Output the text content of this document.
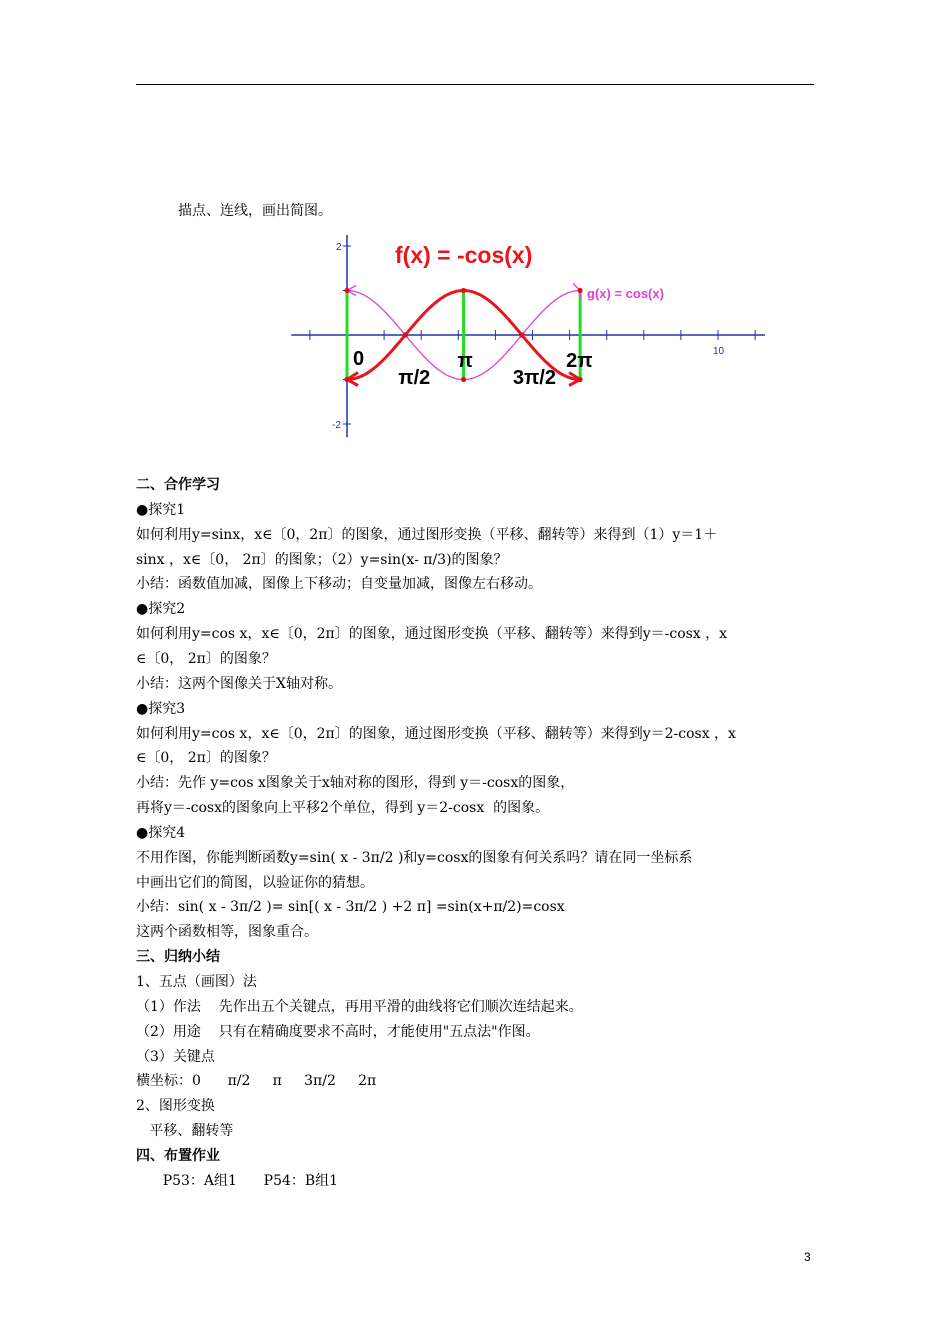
描点、连线，画出简图。
10
2
-2
f(x) = -cos(x)
g(x) = cos(x)
0
π/2
π
3π/2
2π
二、合作学习
●探究1
如何利用y=sinx，x∈〔0，2π〕的图象，通过图形变换（平移、翻转等）来得到（1）y＝1＋
sinx ，x∈〔0， 2π〕的图象；（2）y=sin(x- π/3)的图象？
小结：函数值加减，图像上下移动；自变量加减，图像左右移动。
●探究2
如何利用y=cos x，x∈〔0，2π〕的图象，通过图形变换（平移、翻转等）来得到y＝-cosx ，x
∈〔0， 2π〕的图象？
小结：这两个图像关于X轴对称。
●探究3
如何利用y=cos x，x∈〔0，2π〕的图象，通过图形变换（平移、翻转等）来得到y＝2-cosx ，x
∈〔0， 2π〕的图象？
小结：先作 y=cos x图象关于x轴对称的图形，得到 y＝-cosx的图象，
再将y＝-cosx的图象向上平移2个单位，得到 y＝2-cosx  的图象。
●探究4
不用作图，你能判断函数y=sin( x - 3π/2 )和y=cosx的图象有何关系吗？请在同一坐标系
中画出它们的简图，以验证你的猜想。
小结：sin( x - 3π/2 )= sin[( x - 3π/2 ) +2 π] =sin(x+π/2)=cosx
这两个函数相等，图象重合。
三、归纳小结
1、五点（画图）法
（1）作法    先作出五个关键点，再用平滑的曲线将它们顺次连结起来。
（2）用途    只有在精确度要求不高时，才能使用"五点法"作图。
（3）关键点
横坐标：0      π/2     π     3π/2     2π
2、图形变换
平移、翻转等
四、布置作业
P53：A组1      P54：B组1
3
